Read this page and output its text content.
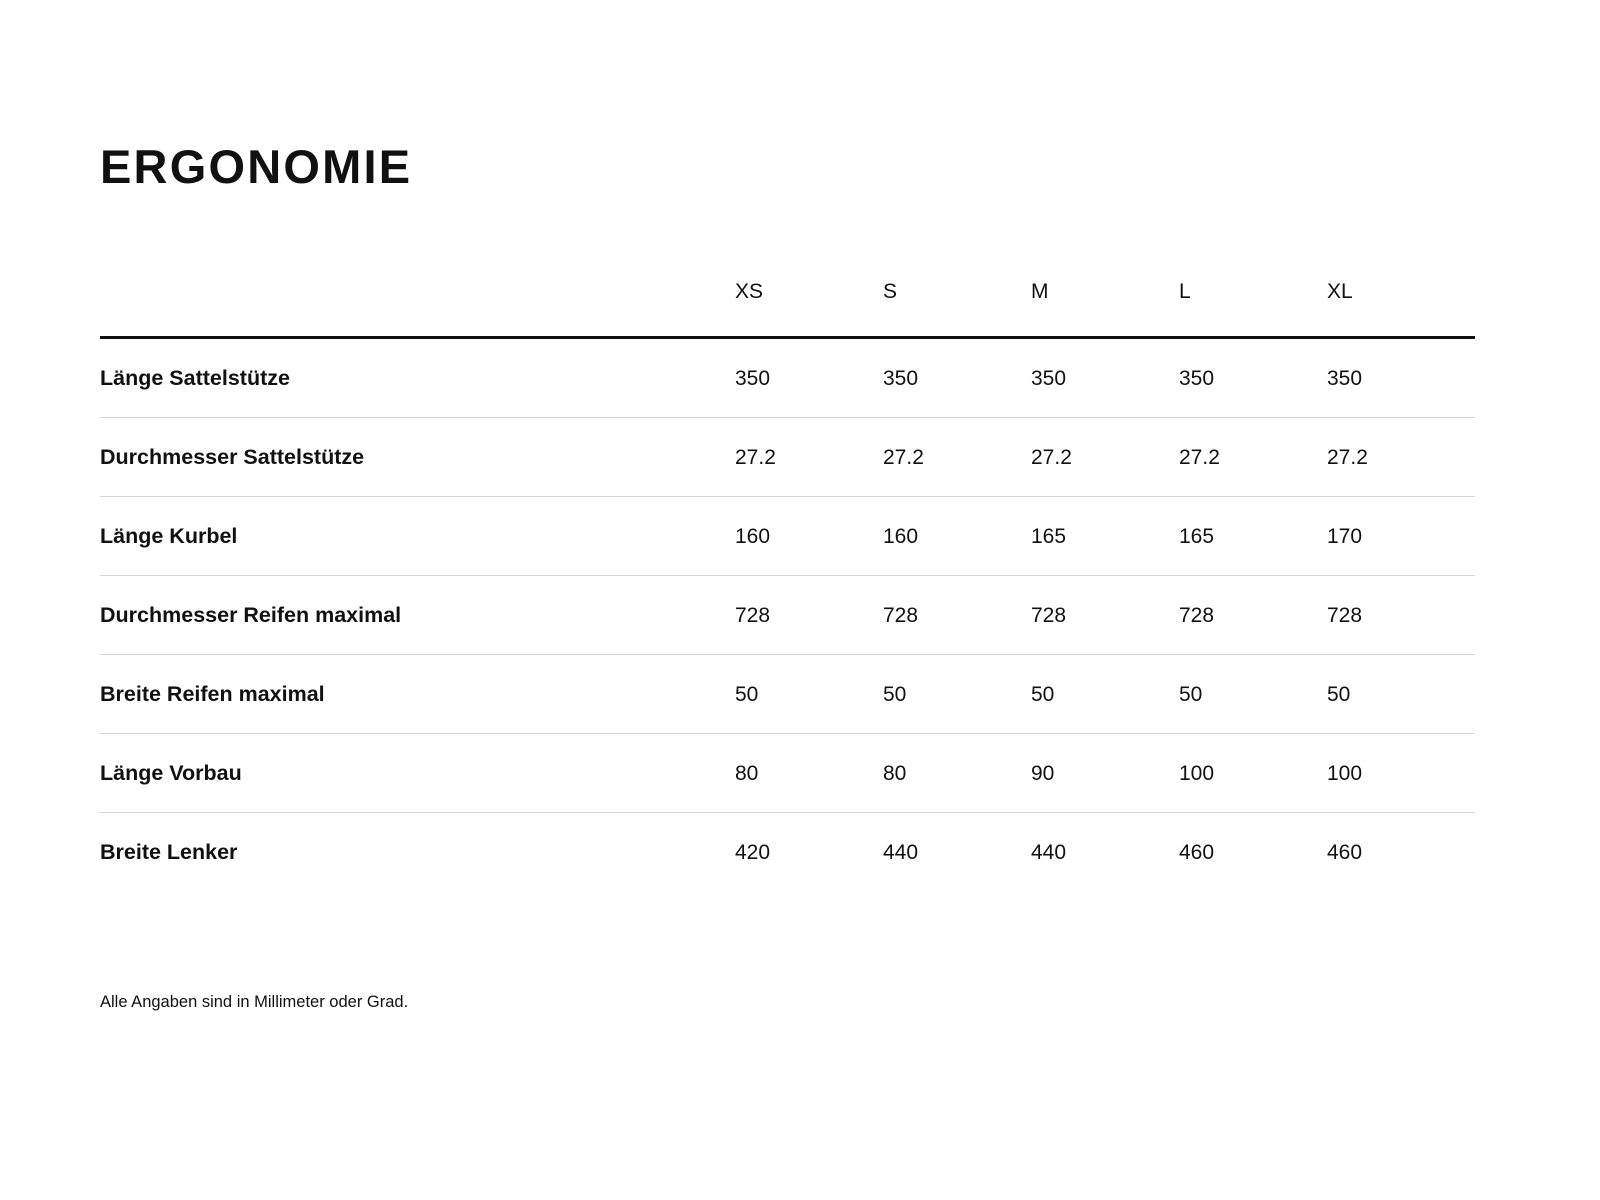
ERGONOMIE
	XS	S	M	L	XL
Länge Sattelstütze	350	350	350	350	350
Durchmesser Sattelstütze	27.2	27.2	27.2	27.2	27.2
Länge Kurbel	160	160	165	165	170
Durchmesser Reifen maximal	728	728	728	728	728
Breite Reifen maximal	50	50	50	50	50
Länge Vorbau	80	80	90	100	100
Breite Lenker	420	440	440	460	460
Alle Angaben sind in Millimeter oder Grad.
